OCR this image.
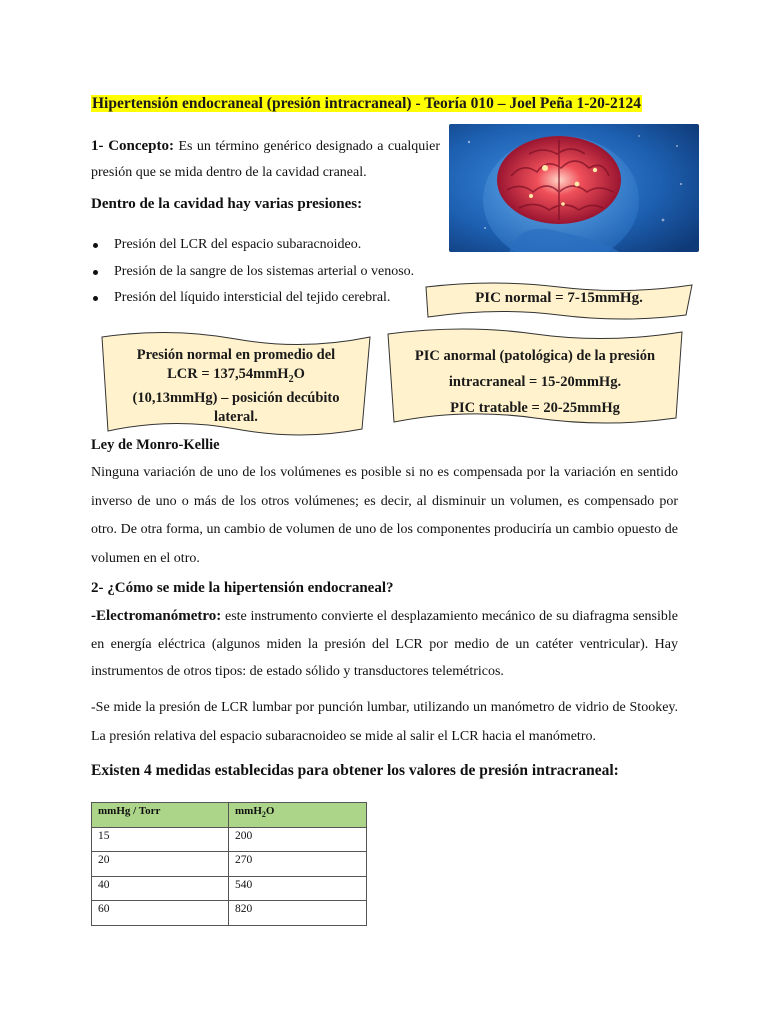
Hipertensión endocraneal (presión intracraneal) - Teoría 010 – Joel Peña 1-20-2124

1- Concepto: Es un término genérico designado a cualquier presión que se mida dentro de la cavidad craneal.

Dentro de la cavidad hay varias presiones:

Presión del LCR del espacio subaracnoideo.
Presión de la sangre de los sistemas arterial o venoso.
Presión del líquido intersticial del tejido cerebral.	PIC normal = 7-15mmHg.
Presión normal en promedio del LCR = 137,54mmH$_2$O (10,13mmHg) – posición decúbito lateral.
PIC anormal (patológica) de la presión intracraneal = 15-20mmHg.
PIC tratable = 20-25mmHg

Ley de Monro-Kellie

Ninguna variación de uno de los volúmenes es posible si no es compensada por la variación en sentido inverso de uno o más de los otros volúmenes; es decir, al disminuir un volumen, es compensado por otro. De otra forma, un cambio de volumen de uno de los componentes produciría un cambio opuesto de volumen en el otro.

2- ¿Cómo se mide la hipertensión endocraneal?

-Electromanómetro: este instrumento convierte el desplazamiento mecánico de su diafragma sensible en energía eléctrica (algunos miden la presión del LCR por medio de un catéter ventricular). Hay instrumentos de otros tipos: de estado sólido y transductores telemétricos.

-Se mide la presión de LCR lumbar por punción lumbar, utilizando un manómetro de vidrio de Stookey. La presión relativa del espacio subaracnoideo se mide al salir el LCR hacia el manómetro.

Existen 4 medidas establecidas para obtener los valores de presión intracraneal:

mmHg / Torr	mmH$_2$O
15	200
20	270
40	540
60	820
